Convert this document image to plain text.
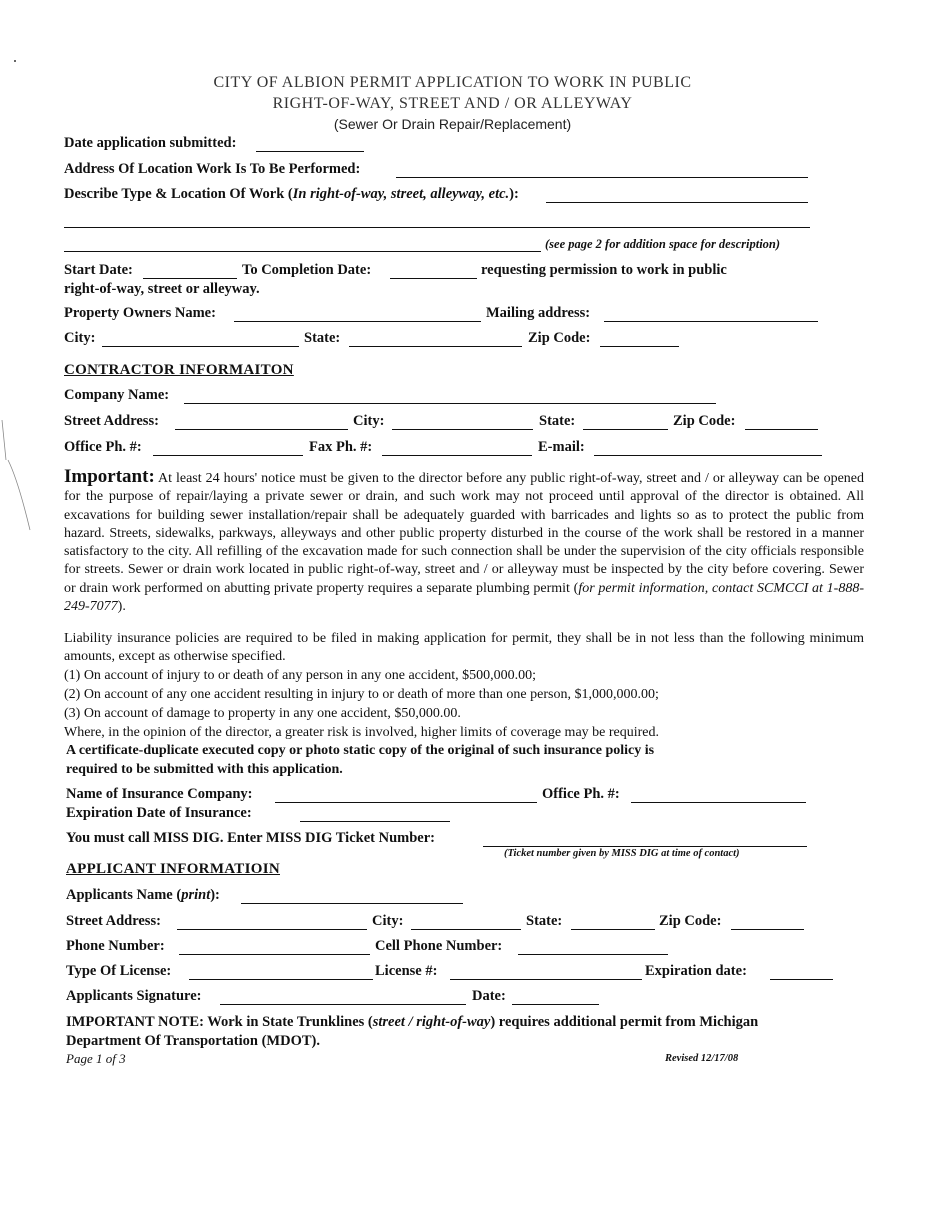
CITY OF ALBION PERMIT APPLICATION TO WORK IN PUBLIC
RIGHT-OF-WAY, STREET AND / OR ALLEYWAY
(Sewer Or Drain Repair/Replacement)
Date application submitted:
Address Of Location Work Is To Be Performed:
Describe Type & Location Of Work (In right-of-way, street, alleyway, etc.):
(see page 2 for addition space for description)
Start Date:	To Completion Date:	requesting permission to work in public
right-of-way, street or alleyway.
Property Owners Name:	Mailing address:
City:	State:	Zip Code:
CONTRACTOR INFORMAITON
Company Name:
Street Address:	City:	State:	Zip Code:
Office Ph. #:	Fax Ph. #:	E-mail:
Important: At least 24 hours' notice must be given to the director before any public right-of-way, street and / or alleyway can be opened for the purpose of repair/laying a private sewer or drain, and such work may not proceed until approval of the director is obtained. All excavations for building sewer installation/repair shall be adequately guarded with barricades and lights so as to protect the public from hazard. Streets, sidewalks, parkways, alleyways and other public property disturbed in the course of the work shall be restored in a manner satisfactory to the city. All refilling of the excavation made for such connection shall be under the supervision of the city officials responsible for streets. Sewer or drain work located in public right-of-way, street and / or alleyway must be inspected by the city before covering. Sewer or drain work performed on abutting private property requires a separate plumbing permit (for permit information, contact SCMCCI at 1-888-249-7077).
Liability insurance policies are required to be filed in making application for permit, they shall be in not less than the following minimum amounts, except as otherwise specified.
(1) On account of injury to or death of any person in any one accident, $500,000.00;
(2) On account of any one accident resulting in injury to or death of more than one person, $1,000,000.00;
(3) On account of damage to property in any one accident, $50,000.00.
Where, in the opinion of the director, a greater risk is involved, higher limits of coverage may be required.
A certificate-duplicate executed copy or photo static copy of the original of such insurance policy is
required to be submitted with this application.
Name of Insurance Company:	Office Ph. #:
Expiration Date of Insurance:
You must call MISS DIG. Enter MISS DIG Ticket Number:
(Ticket number given by MISS DIG at time of contact)
APPLICANT INFORMATIOIN
Applicants Name (print):
Street Address:	City:	State:	Zip Code:
Phone Number:	Cell Phone Number:
Type Of License:	License #:	Expiration date:
Applicants Signature:	Date:
IMPORTANT NOTE: Work in State Trunklines (street / right-of-way) requires additional permit from Michigan
Department Of Transportation (MDOT).
Page 1 of 3	Revised 12/17/08
